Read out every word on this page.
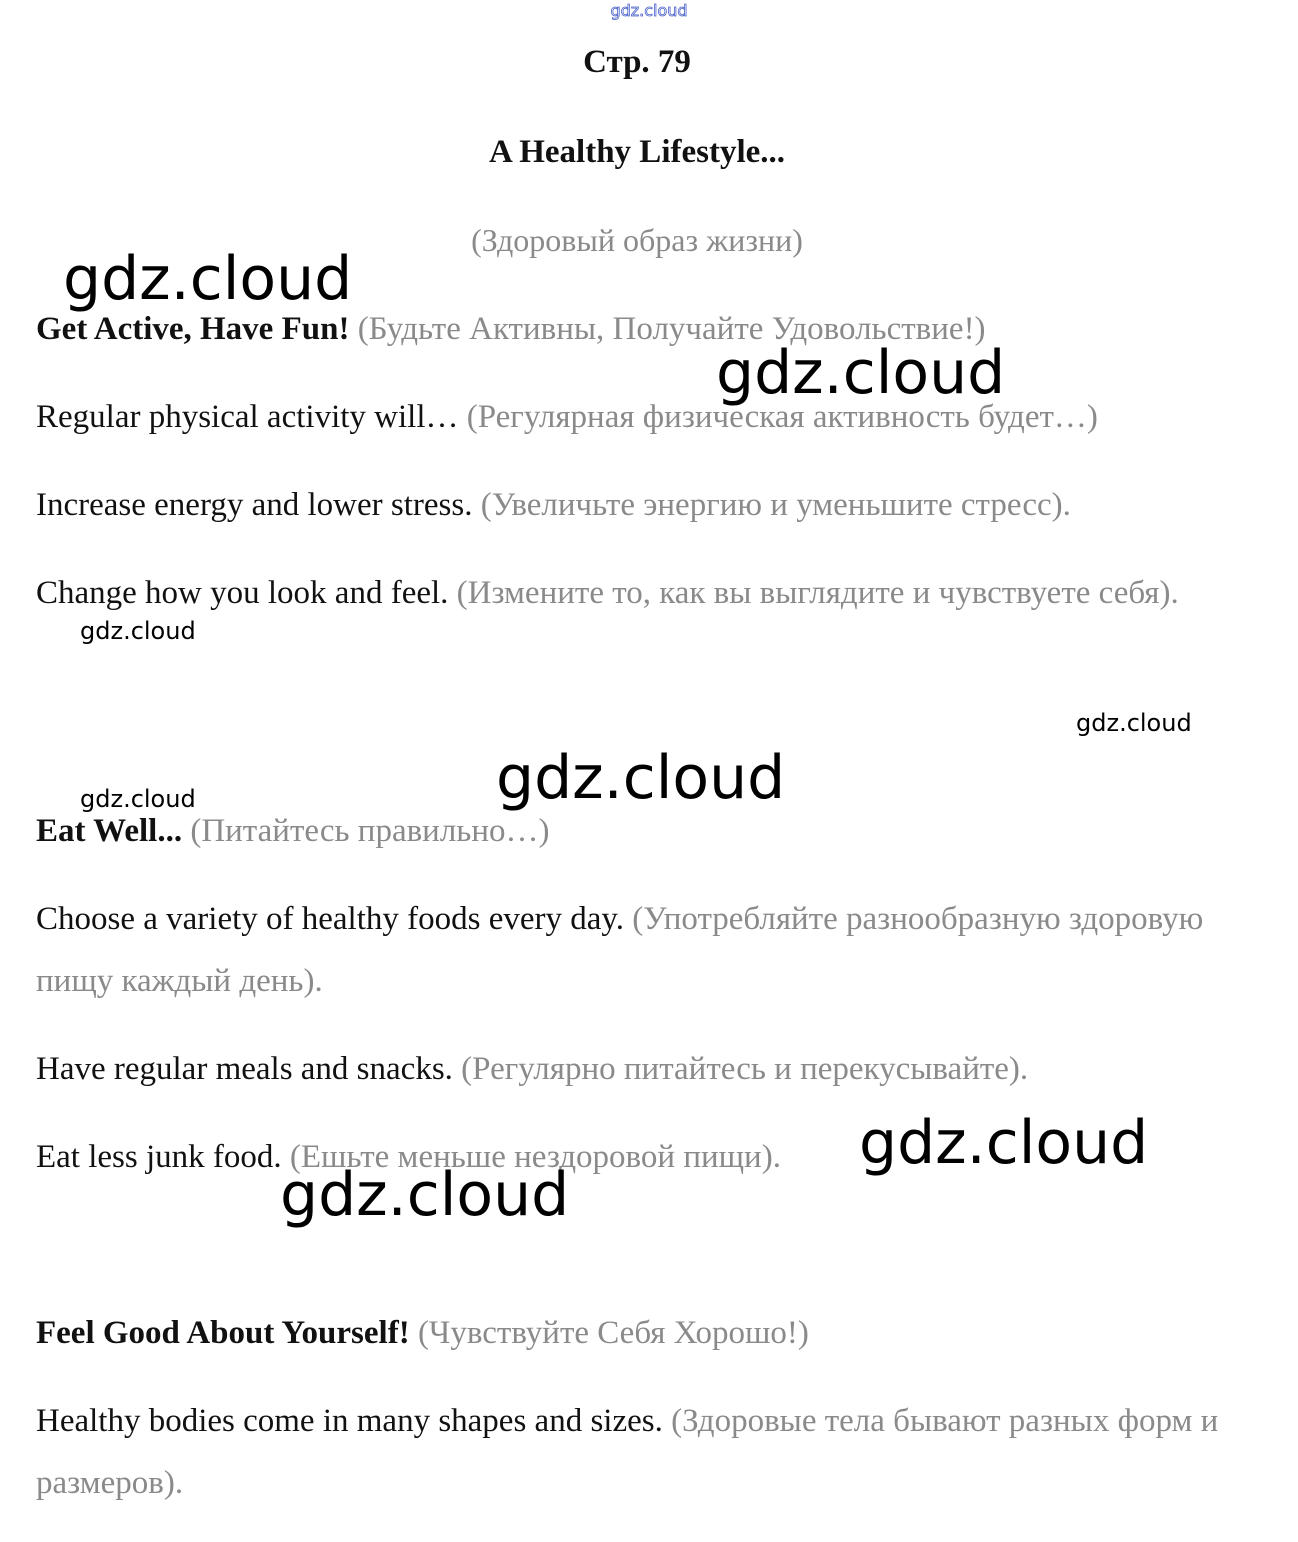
gdz.cloud
Стр. 79
A Healthy Lifestyle...
(Здоровый образ жизни)
Get Active, Have Fun! (Будьте Активны, Получайте Удовольствие!)
Regular physical activity will… (Регулярная физическая активность будет…)
Increase energy and lower stress. (Увеличьте энергию и уменьшите стресс).
Change how you look and feel. (Измените то, как вы выглядите и чувствуете себя).
Eat Well... (Питайтесь правильно…)
Choose a variety of healthy foods every day. (Употребляйте разнообразную здоровую пищу каждый день).
Have regular meals and snacks. (Регулярно питайтесь и перекусывайте).
Eat less junk food. (Ешьте меньше нездоровой пищи).
Feel Good About Yourself! (Чувствуйте Себя Хорошо!)
Healthy bodies come in many shapes and sizes. (Здоровые тела бывают разных форм и размеров).
gdz.cloud
gdz.cloud
gdz.cloud
gdz.cloud
gdz.cloud
gdz.cloud
gdz.cloud
gdz.cloud
